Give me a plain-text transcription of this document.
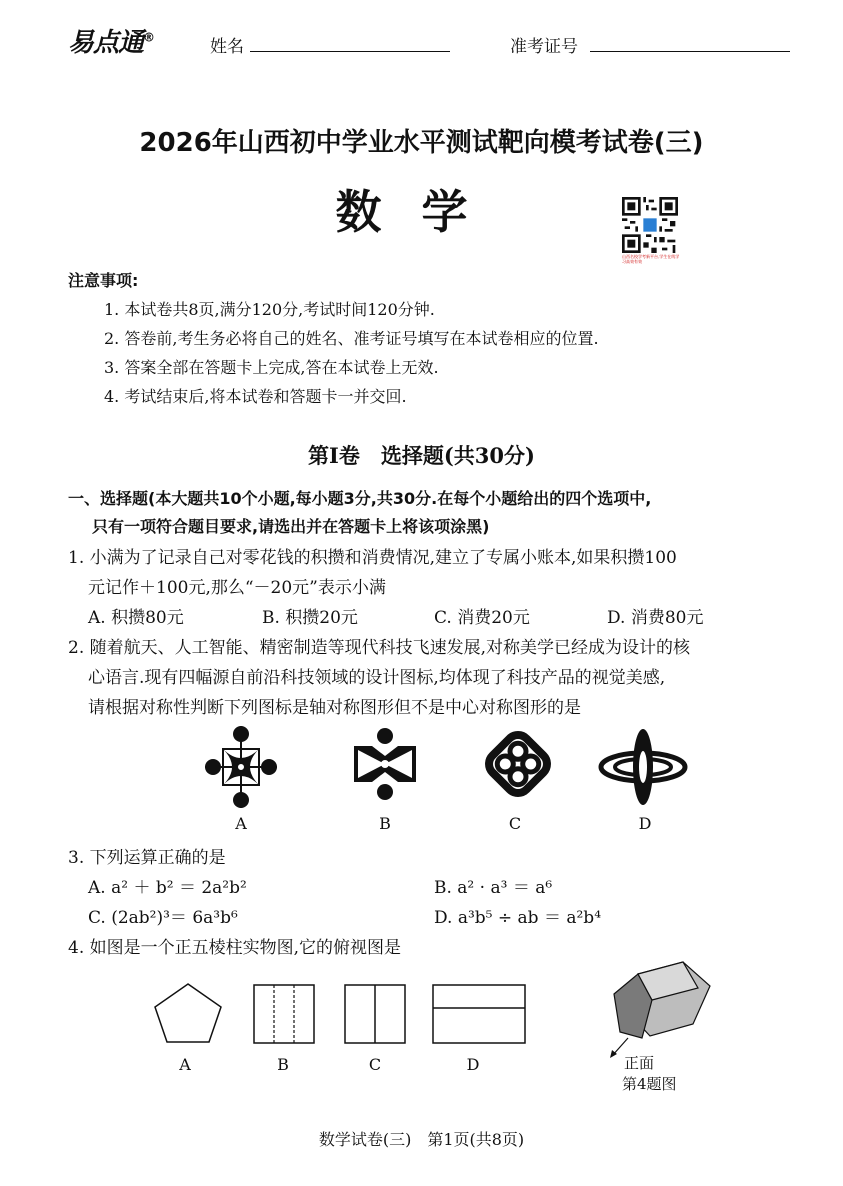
易点通®	姓名	准考证号
2026年山西初中学业水平测试靶向模考试卷(三)
数学
山西名校学考新平台,学生在线学习高效有效
注意事项:
1. 本试卷共8页,满分120分,考试时间120分钟.
2. 答卷前,考生务必将自己的姓名、准考证号填写在本试卷相应的位置.
3. 答案全部在答题卡上完成,答在本试卷上无效.
4. 考试结束后,将本试卷和答题卡一并交回.
第Ⅰ卷　选择题(共30分)
一、选择题(本大题共10个小题,每小题3分,共30分.在每个小题给出的四个选项中,
只有一项符合题目要求,请选出并在答题卡上将该项涂黑)
1. 小满为了记录自己对零花钱的积攒和消费情况,建立了专属小账本,如果积攒100
元记作＋100元,那么“－20元”表示小满
A. 积攒80元	B. 积攒20元	C. 消费20元	D. 消费80元
2. 随着航天、人工智能、精密制造等现代科技飞速发展,对称美学已经成为设计的核
心语言.现有四幅源自前沿科技领域的设计图标,均体现了科技产品的视觉美感,
请根据对称性判断下列图标是轴对称图形但不是中心对称图形的是
A	B	C	D
3. 下列运算正确的是
A. a² ＋ b² ＝ 2a²b²	B. a² · a³ ＝ a⁶
C. (2ab²)³＝ 6a³b⁶	D. a³b⁵ ÷ ab ＝ a²b⁴
4. 如图是一个正五棱柱实物图,它的俯视图是
A	B	C	D	正面
第4题图
数学试卷(三)　第1页(共8页)
